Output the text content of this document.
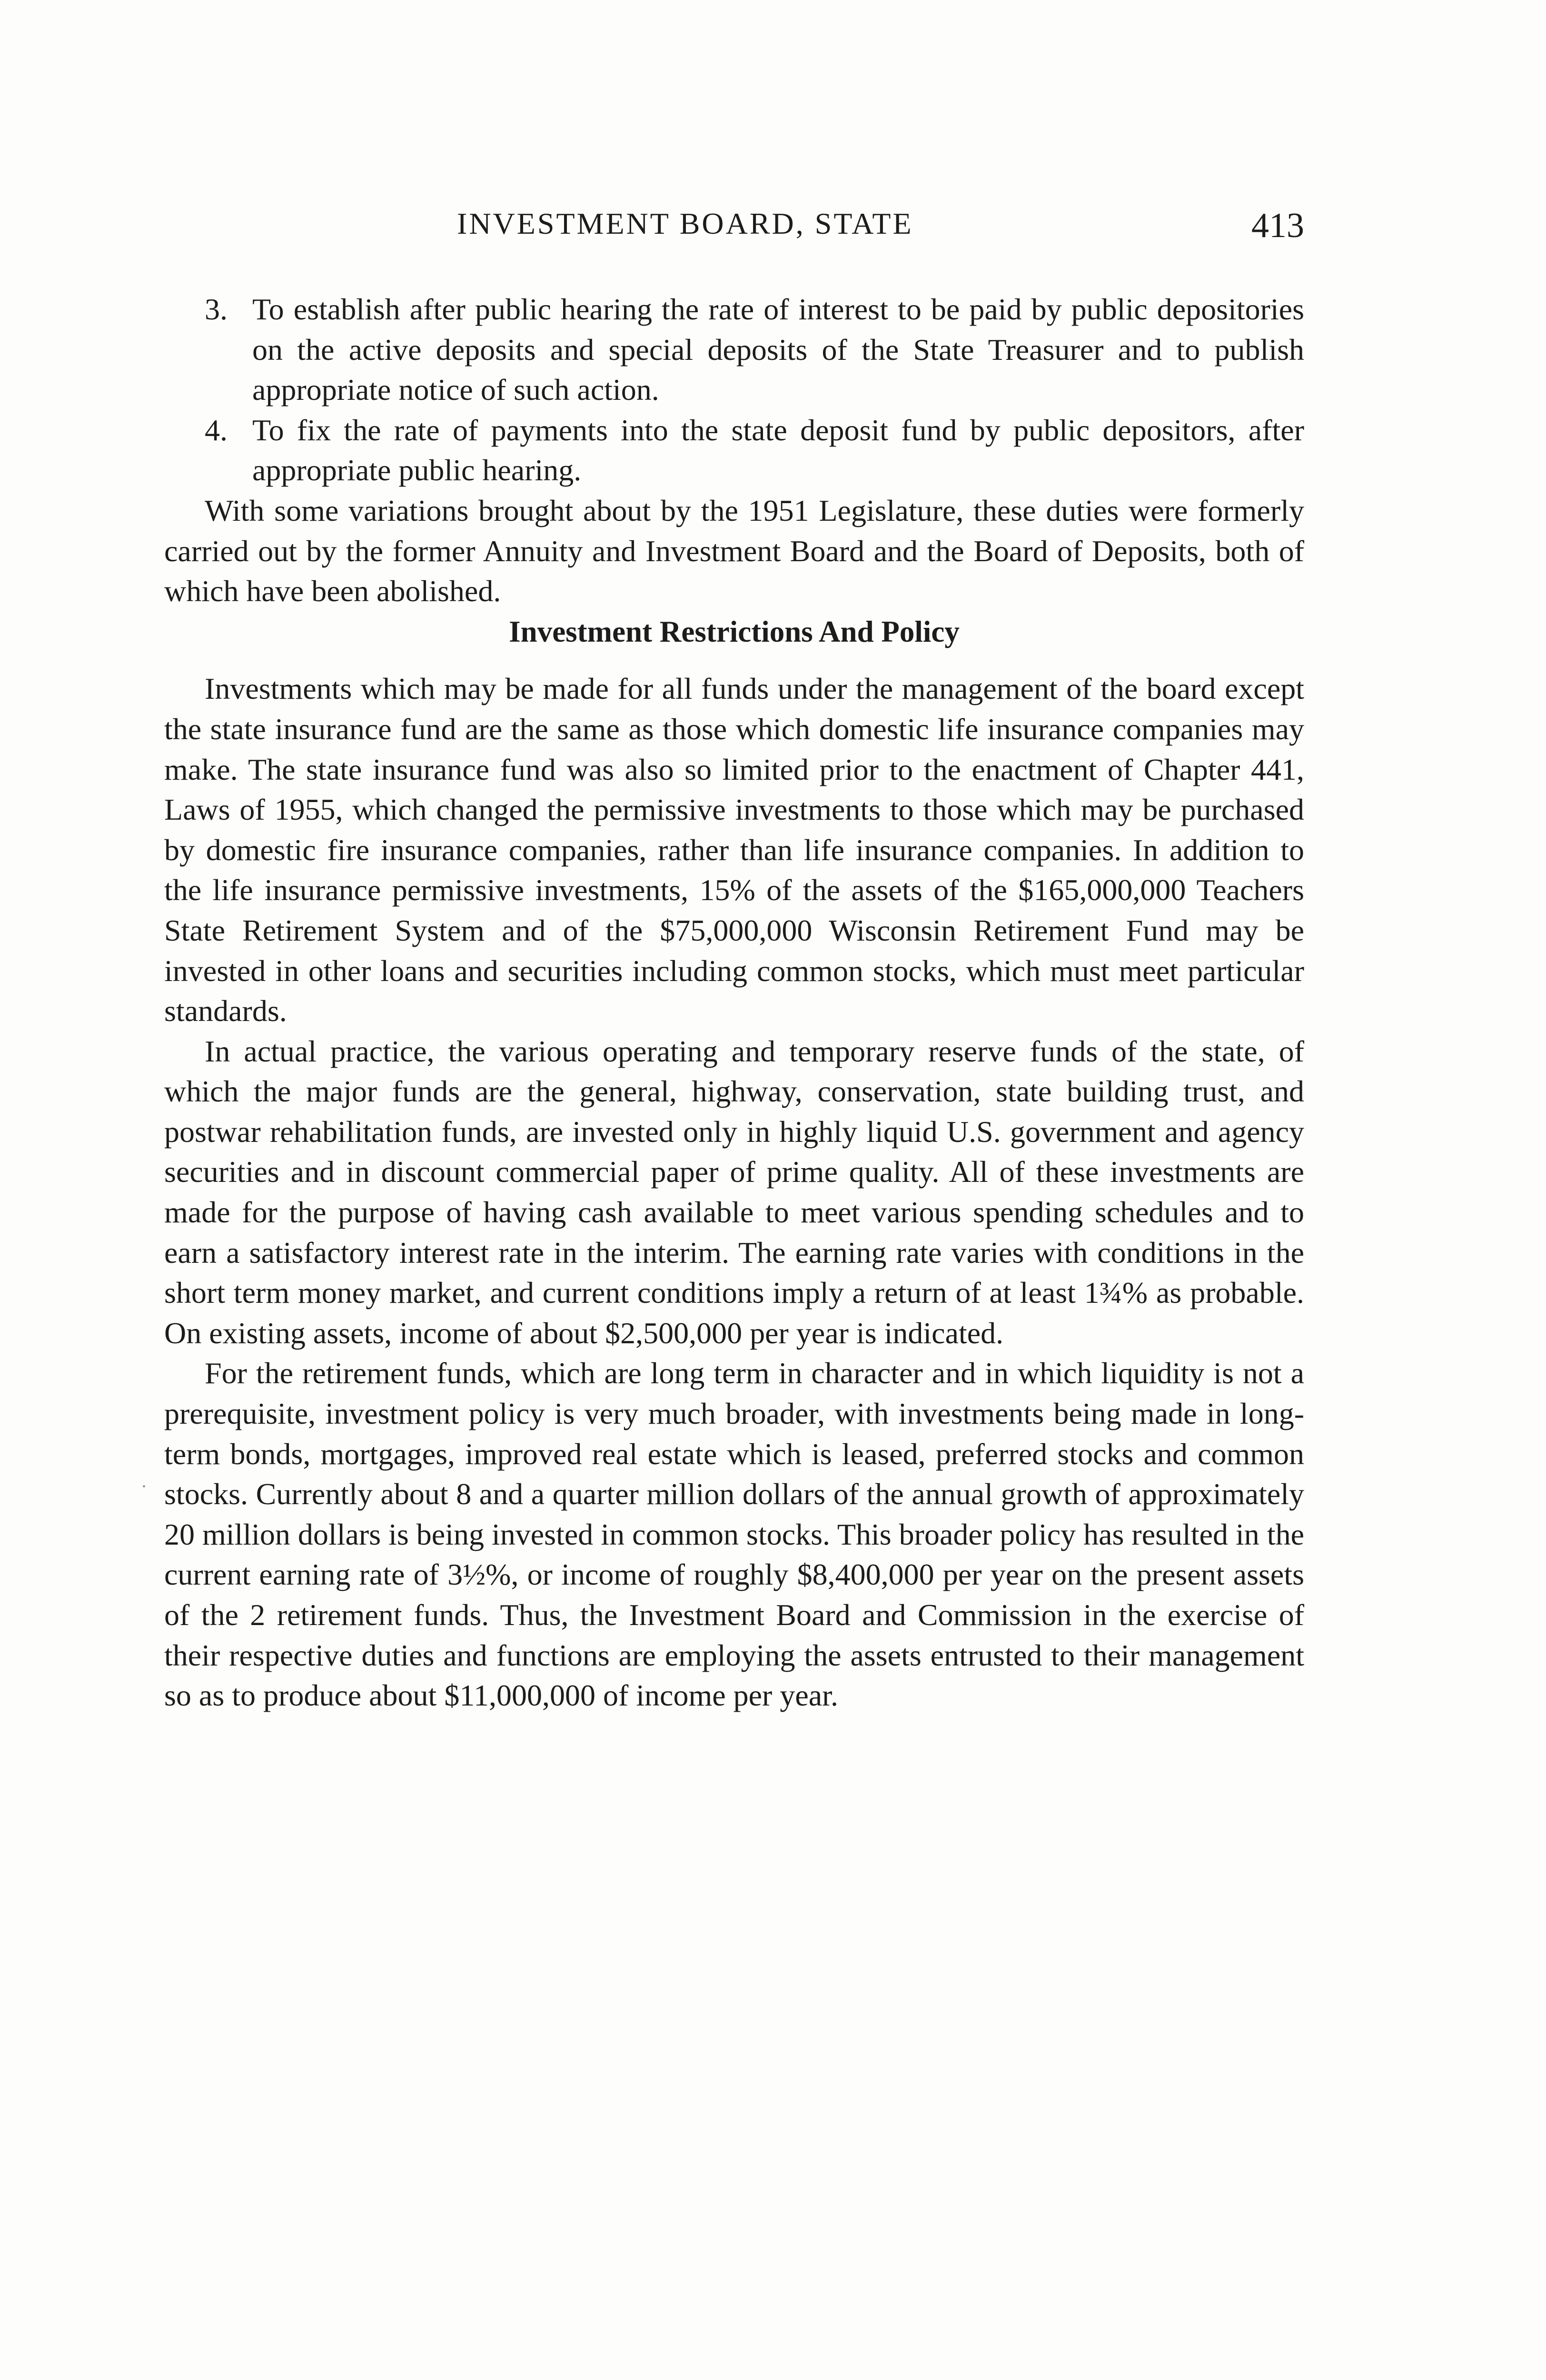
INVESTMENT BOARD, STATE	413

3. To establish after public hearing the rate of interest to be paid by public depositories on the active deposits and special deposits of the State Treasurer and to publish appropriate notice of such action.

4. To fix the rate of payments into the state deposit fund by public depositors, after appropriate public hearing.

With some variations brought about by the 1951 Legislature, these duties were formerly carried out by the former Annuity and Investment Board and the Board of Deposits, both of which have been abolished.

Investment Restrictions And Policy

Investments which may be made for all funds under the management of the board except the state insurance fund are the same as those which domestic life insurance companies may make. The state insurance fund was also so limited prior to the enactment of Chapter 441, Laws of 1955, which changed the permissive investments to those which may be purchased by domestic fire insurance companies, rather than life insurance companies. In addition to the life insurance permissive investments, 15% of the assets of the $165,000,000 Teachers State Retirement System and of the $75,000,000 Wisconsin Retirement Fund may be invested in other loans and securities including common stocks, which must meet particular standards.

In actual practice, the various operating and temporary reserve funds of the state, of which the major funds are the general, highway, conservation, state building trust, and postwar rehabilitation funds, are invested only in highly liquid U.S. government and agency securities and in discount commercial paper of prime quality. All of these investments are made for the purpose of having cash available to meet various spending schedules and to earn a satisfactory interest rate in the interim. The earning rate varies with conditions in the short term money market, and current conditions imply a return of at least 1¾% as probable. On existing assets, income of about $2,500,000 per year is indicated.

For the retirement funds, which are long term in character and in which liquidity is not a prerequisite, investment policy is very much broader, with investments being made in long-term bonds, mortgages, improved real estate which is leased, preferred stocks and common stocks. Currently about 8 and a quarter million dollars of the annual growth of approximately 20 million dollars is being invested in common stocks. This broader policy has resulted in the current earning rate of 3½%, or income of roughly $8,400,000 per year on the present assets of the 2 retirement funds. Thus, the Investment Board and Commission in the exercise of their respective duties and functions are employing the assets entrusted to their management so as to produce about $11,000,000 of income per year.
